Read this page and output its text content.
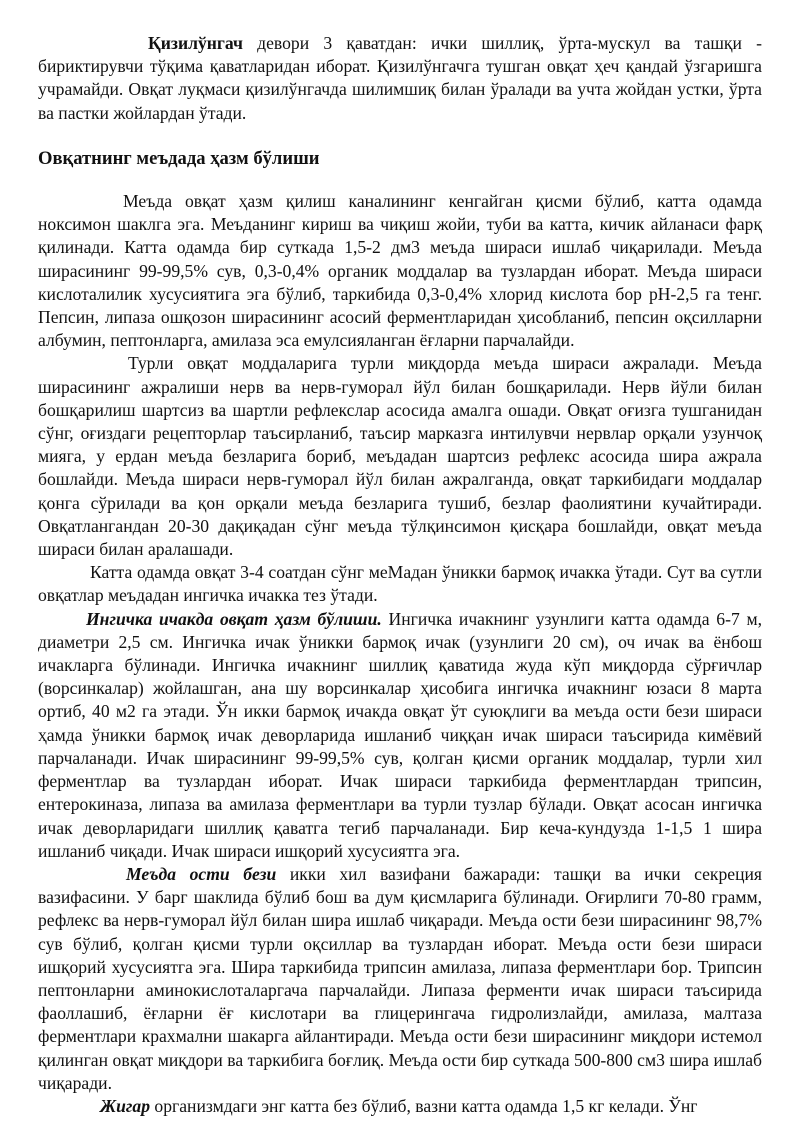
Қизилўнгач девори 3 қаватдан: ички шиллиқ, ўрта-мускул ва ташқи - бириктирувчи тўқима қаватларидан иборат. Қизилўнгачга тушган овқат ҳеч қандай ўзгаришга учрамайди. Овқат луқмаси қизилўнгачда шилимшиқ билан ўралади ва учта жойдан устки, ўрта ва пастки жойлардан ўтади.

Овқатнинг меъдада ҳазм бўлиши

Меъда овқат ҳазм қилиш каналининг кенгайган қисми бўлиб, катта одамда ноксимон шаклга эга. Меъданинг кириш ва чиқиш жойи, туби ва катта, кичик айланаси фарқ қилинади. Катта одамда бир суткада 1,5-2 дм3 меъда шираси ишлаб чиқарилади. Меъда ширасининг 99-99,5% сув, 0,3-0,4% органик моддалар ва тузлардан иборат. Меъда шираси кислоталилик хусусиятига эга бўлиб, таркибида 0,3-0,4% хлорид кислота бор рН-2,5 га тенг. Пепсин, липаза ошқозон ширасининг асосий ферментларидан ҳисобланиб, пепсин оқсилларни албумин, пептонларга, амилаза эса емулсияланган ёғларни парчалайди.

Турли овқат моддаларига турли миқдорда меъда шираси ажралади. Меъда ширасининг ажралиши нерв ва нерв-гуморал йўл билан бошқарилади. Нерв йўли билан бошқарилиш шартсиз ва шартли рефлекслар асосида амалга ошади. Овқат оғизга тушганидан сўнг, оғиздаги рецепторлар таъсирланиб, таъсир марказга интилувчи нервлар орқали узунчоқ мияга, у ердан меъда безларига бориб, меъдадан шартсиз рефлекс асосида шира ажрала бошлайди. Меъда шираси нерв-гуморал йўл билан ажралганда, овқат таркибидаги моддалар қонга сўрилади ва қон орқали меъда безларига тушиб, безлар фаолиятини кучайтиради. Овқатлангандан 20-30 дақиқадан сўнг меъда тўлқинсимон қисқара бошлайди, овқат меъда шираси билан аралашади.

Катта одамда овқат 3-4 соатдан сўнг меМадан ўникки бармоқ ичакка ўтади. Сут ва сутли овқатлар меъдадан ингичка ичакка тез ўтади.

Ингичка ичакда овқат ҳазм бўлиши. Ингичка ичакнинг узунлиги катта одамда 6-7 м, диаметри 2,5 см. Ингичка ичак ўникки бармоқ ичак (узунлиги 20 см), оч ичак ва ёнбош ичакларга бўлинади. Ингичка ичакнинг шиллиқ қаватида жуда кўп миқдорда сўрғичлар (ворсинкалар) жойлашган, ана шу ворсинкалар ҳисобига ингичка ичакнинг юзаси 8 марта ортиб, 40 м2 га этади. Ўн икки бармоқ ичакда овқат ўт суюқлиги ва меъда ости бези шираси ҳамда ўникки бармоқ ичак деворларида ишланиб чиққан ичак шираси таъсирида кимёвий парчаланади. Ичак ширасининг 99-99,5% сув, қолган қисми органик моддалар, турли хил ферментлар ва тузлардан иборат. Ичак шираси таркибида ферментлардан трипсин, ентерокиназа, липаза ва амилаза ферментлари ва турли тузлар бўлади. Овқат асосан ингичка ичак деворларидаги шиллиқ қаватга тегиб парчаланади. Бир кеча-кундузда 1-1,5 1 шира ишланиб чиқади. Ичак шираси ишқорий хусусиятга эга.

Меъда ости бези икки хил вазифани бажаради: ташқи ва ички секреция вазифасини. У барг шаклида бўлиб бош ва дум қисмларига бўлинади. Оғирлиги 70-80 грамм, рефлекс ва нерв-гуморал йўл билан шира ишлаб чиқаради. Меъда ости бези ширасининг 98,7% сув бўлиб, қолган қисми турли оқсиллар ва тузлардан иборат. Меъда ости бези шираси ишқорий хусусиятга эга. Шира таркибида трипсин амилаза, липаза ферментлари бор. Трипсин пептонларни аминокислоталаргача парчалайди. Липаза ферменти ичак шираси таъсирида фаоллашиб, ёғларни ёғ кислотари ва глицерингача гидролизлайди, амилаза, малтаза ферментлари крахмални шакарга айлантиради. Меъда ости бези ширасининг миқдори истемол қилинган овқат миқдори ва таркибига боғлиқ. Меъда ости бир суткада 500-800 см3 шира ишлаб чиқаради.

Жигар организмдаги энг катта без бўлиб, вазни катта одамда 1,5 кг келади. Ўнг
